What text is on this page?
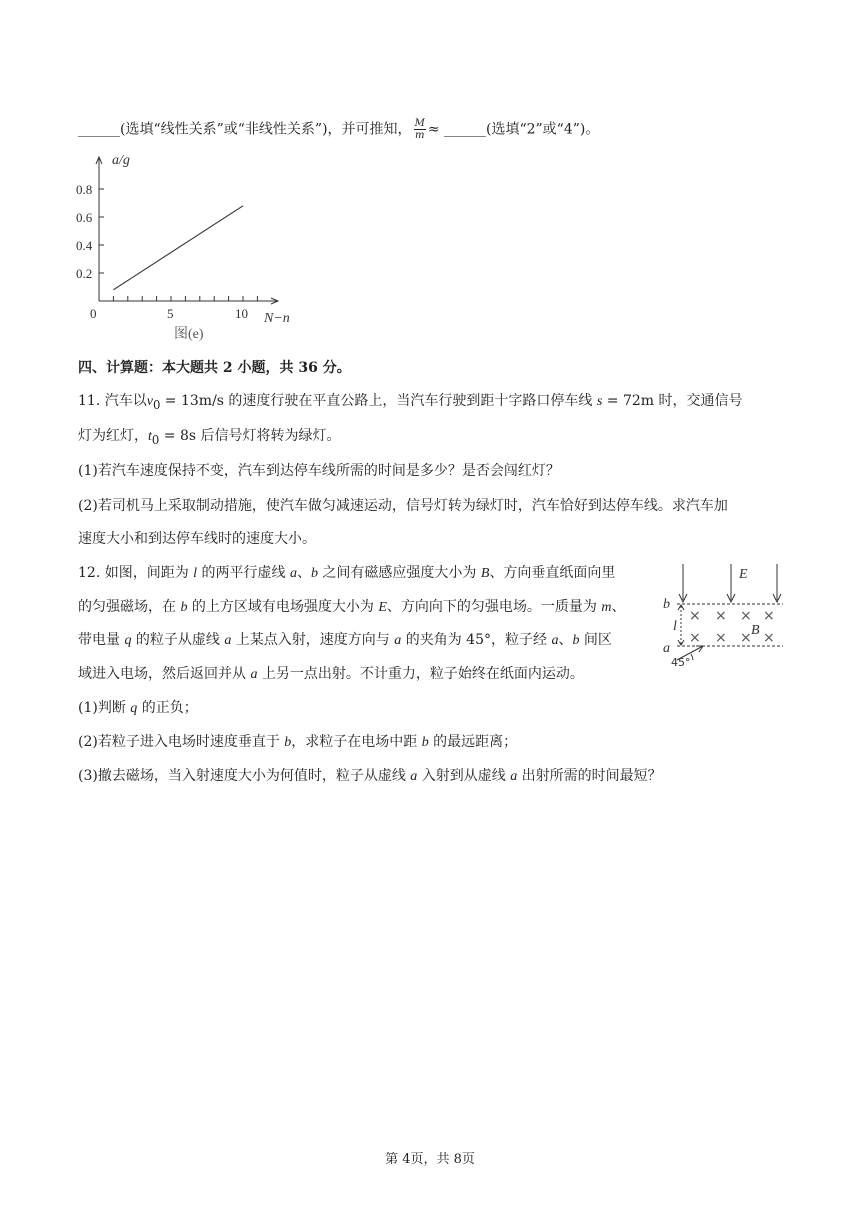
______(选填“线性关系”或“非线性关系”)，并可推知， $\frac{M}{m}$ ≈ ______(选填“2”或“4”)。
a/g
0.8
0.6
0.4
0.2
0	5	10 N−n
图(e)
四、计算题：本大题共 2 小题，共 36 分。
11. 汽车以$v_0 = 13m/s$ 的速度行驶在平直公路上，当汽车行驶到距十字路口停车线 s = 72m 时，交通信号
灯为红灯，$t_0 = 8s$ 后信号灯将转为绿灯。
(1)若汽车速度保持不变，汽车到达停车线所需的时间是多少？是否会闯红灯？
(2)若司机马上采取制动措施，使汽车做匀减速运动，信号灯转为绿灯时，汽车恰好到达停车线。求汽车加
速度大小和到达停车线时的速度大小。
12. 如图，间距为 l 的两平行虚线 a、b 之间有磁感应强度大小为 B、方向垂直纸面向里
的匀强磁场，在 b 的上方区域有电场强度大小为 E、方向向下的匀强电场。一质量为 m、
带电量 q 的粒子从虚线 a 上某点入射，速度方向与 a 的夹角为 45°，粒子经 a、b 间区
域进入电场，然后返回并从 a 上另一点出射。不计重力，粒子始终在纸面内运动。
(1)判断 q 的正负；
(2)若粒子进入电场时速度垂直于 b，求粒子在电场中距 b 的最远距离；
(3)撤去磁场，当入射速度大小为何值时，粒子从虚线 a 入射到从虚线 a 出射所需的时间最短？
× × × ×
× × × ×
E
B
b
a
l
45°
第 4页，共 8页
